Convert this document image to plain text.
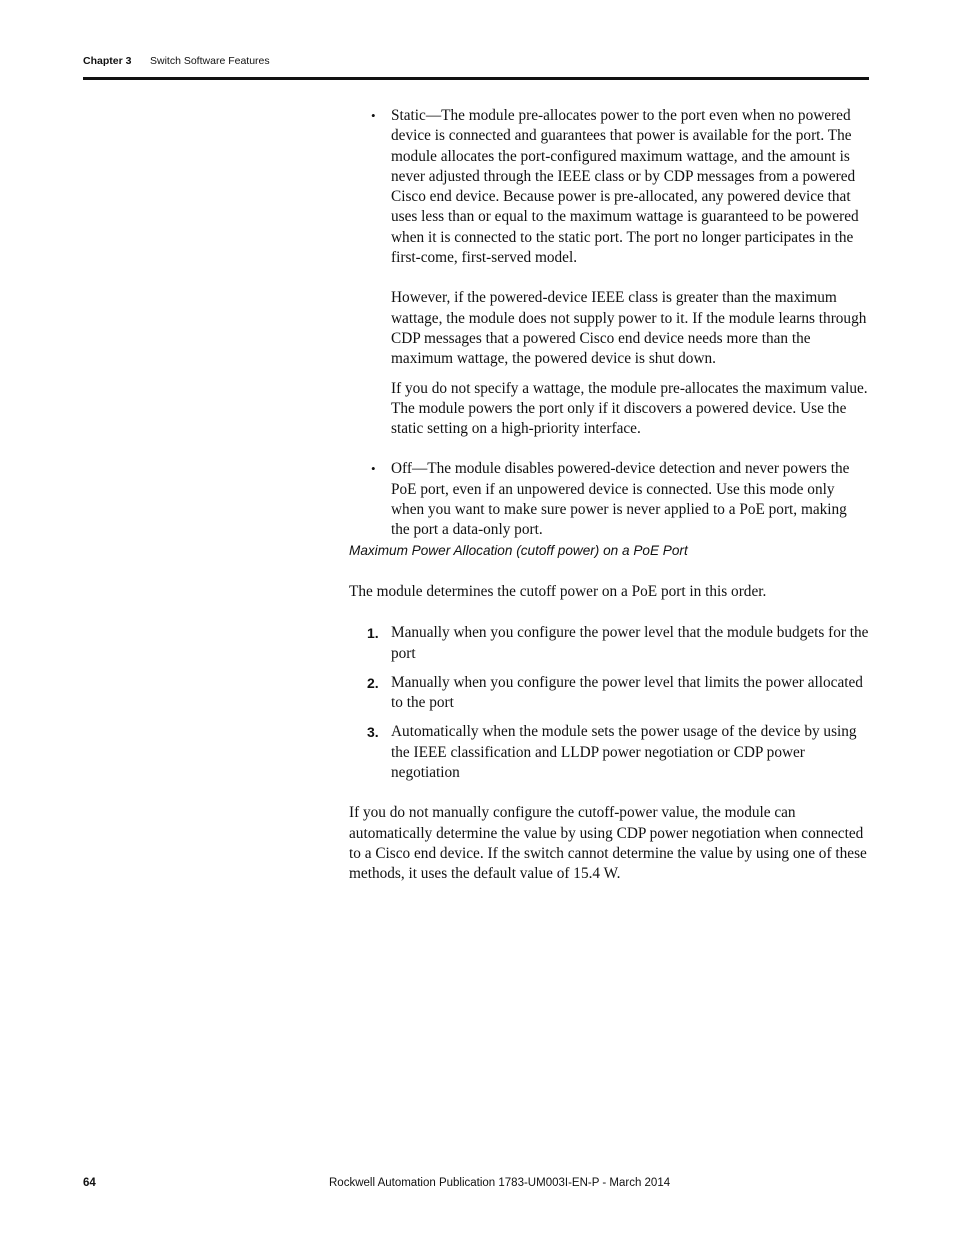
Chapter 3 Switch Software Features
• Static—The module pre-allocates power to the port even when no powered device is connected and guarantees that power is available for the port. The module allocates the port-configured maximum wattage, and the amount is never adjusted through the IEEE class or by CDP messages from a powered Cisco end device. Because power is pre-allocated, any powered device that uses less than or equal to the maximum wattage is guaranteed to be powered when it is connected to the static port. The port no longer participates in the first-come, first-served model.

However, if the powered-device IEEE class is greater than the maximum wattage, the module does not supply power to it. If the module learns through CDP messages that a powered Cisco end device needs more than the maximum wattage, the powered device is shut down.

If you do not specify a wattage, the module pre-allocates the maximum value. The module powers the port only if it discovers a powered device. Use the static setting on a high-priority interface.

• Off—The module disables powered-device detection and never powers the PoE port, even if an unpowered device is connected. Use this mode only when you want to make sure power is never applied to a PoE port, making the port a data-only port.

Maximum Power Allocation (cutoff power) on a PoE Port

The module determines the cutoff power on a PoE port in this order.

1. Manually when you configure the power level that the module budgets for the port

2. Manually when you configure the power level that limits the power allocated to the port

3. Automatically when the module sets the power usage of the device by using the IEEE classification and LLDP power negotiation or CDP power negotiation

If you do not manually configure the cutoff-power value, the module can automatically determine the value by using CDP power negotiation when connected to a Cisco end device. If the switch cannot determine the value by using one of these methods, it uses the default value of 15.4 W.

64	Rockwell Automation Publication 1783-UM003I-EN-P - March 2014
